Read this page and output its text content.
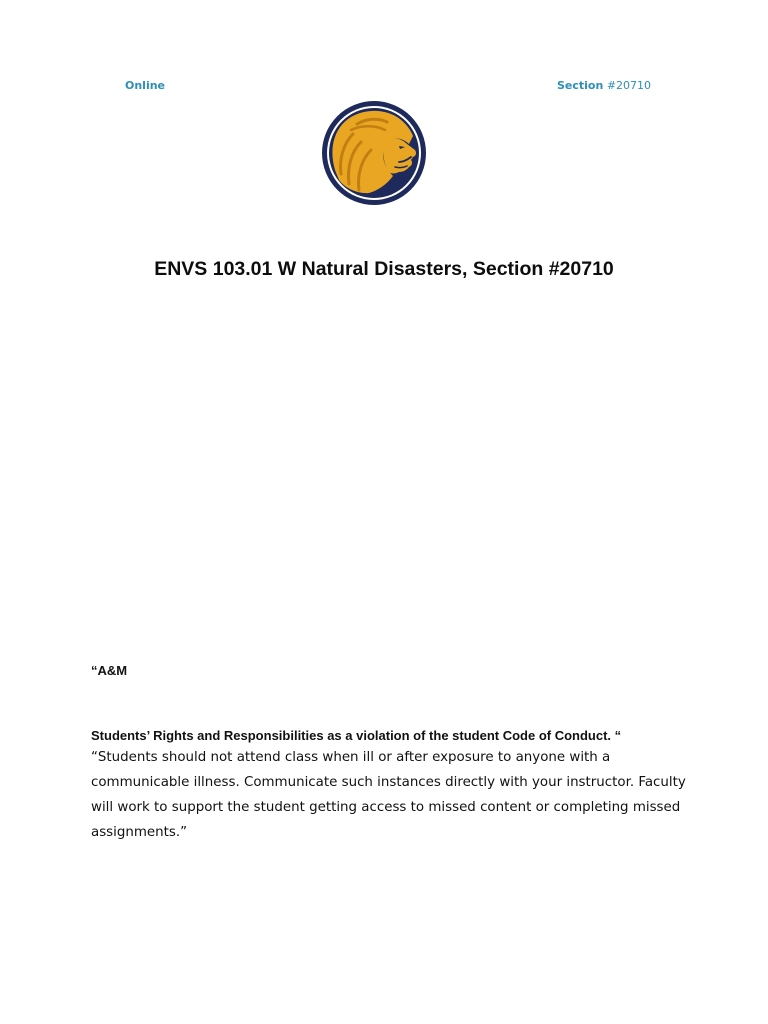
Online	Section #20710
ENVS 103.01 W Natural Disasters, Section #20710
“A&M

Students’ Rights and Responsibilities as a violation of the student Code of Conduct. “

“Students should not attend class when ill or after exposure to anyone with a communicable illness. Communicate such instances directly with your instructor. Faculty will work to support the student getting access to missed content or completing missed assignments.”
